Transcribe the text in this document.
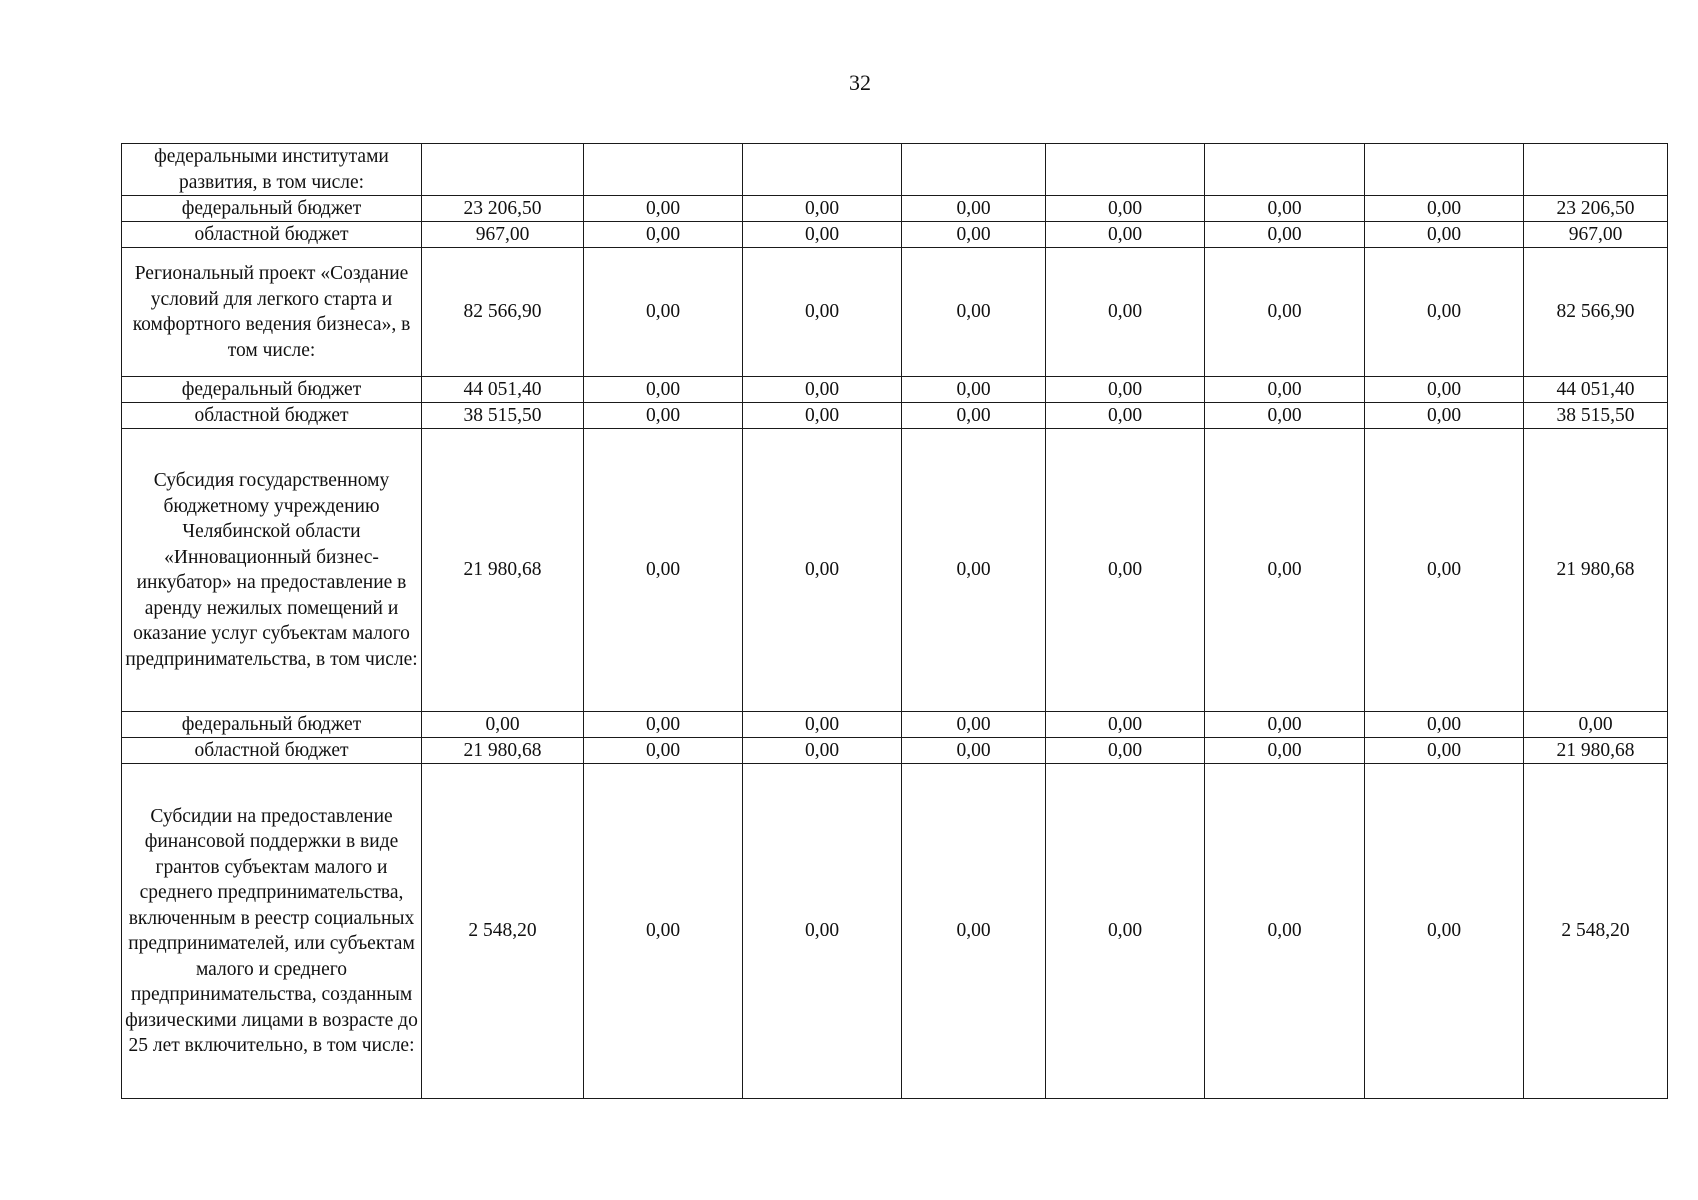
32
федеральными институтами развития, в том числе:								
федеральный бюджет	23 206,50	0,00	0,00	0,00	0,00	0,00	0,00	23 206,50
областной бюджет	967,00	0,00	0,00	0,00	0,00	0,00	0,00	967,00
Региональный проект «Создание условий для легкого старта и комфортного ведения бизнеса», в том числе:	82 566,90	0,00	0,00	0,00	0,00	0,00	0,00	82 566,90
федеральный бюджет	44 051,40	0,00	0,00	0,00	0,00	0,00	0,00	44 051,40
областной бюджет	38 515,50	0,00	0,00	0,00	0,00	0,00	0,00	38 515,50
Субсидия государственному бюджетному учреждению Челябинской области «Инновационный бизнес-инкубатор» на предоставление в аренду нежилых помещений и оказание услуг субъектам малого предпринимательства, в том числе:	21 980,68	0,00	0,00	0,00	0,00	0,00	0,00	21 980,68
федеральный бюджет	0,00	0,00	0,00	0,00	0,00	0,00	0,00	0,00
областной бюджет	21 980,68	0,00	0,00	0,00	0,00	0,00	0,00	21 980,68
Субсидии на предоставление финансовой поддержки в виде грантов субъектам малого и среднего предпринимательства, включенным в реестр социальных предпринимателей, или субъектам малого и среднего предпринимательства, созданным физическими лицами в возрасте до 25 лет включительно, в том числе:	2 548,20	0,00	0,00	0,00	0,00	0,00	0,00	2 548,20
